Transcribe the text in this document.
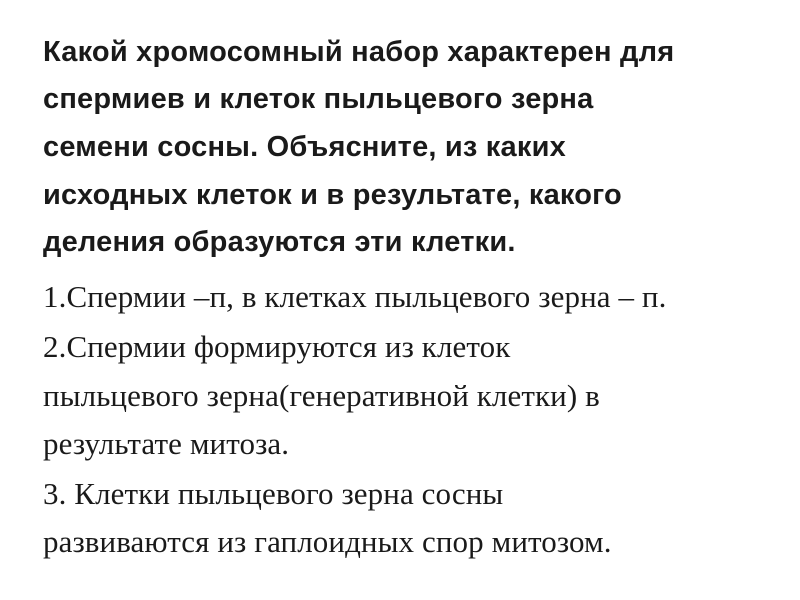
Какой хромосомный набор характерен для
спермиев и клеток пыльцевого зерна
семени сосны. Объясните, из каких
исходных клеток и в результате, какого
деления образуются эти клетки.
1.Спермии –п, в клетках пыльцевого зерна – п.
2.Спермии формируются из клеток
пыльцевого зерна(генеративной клетки) в
результате митоза.
3. Клетки пыльцевого зерна сосны
развиваются из гаплоидных спор митозом.
